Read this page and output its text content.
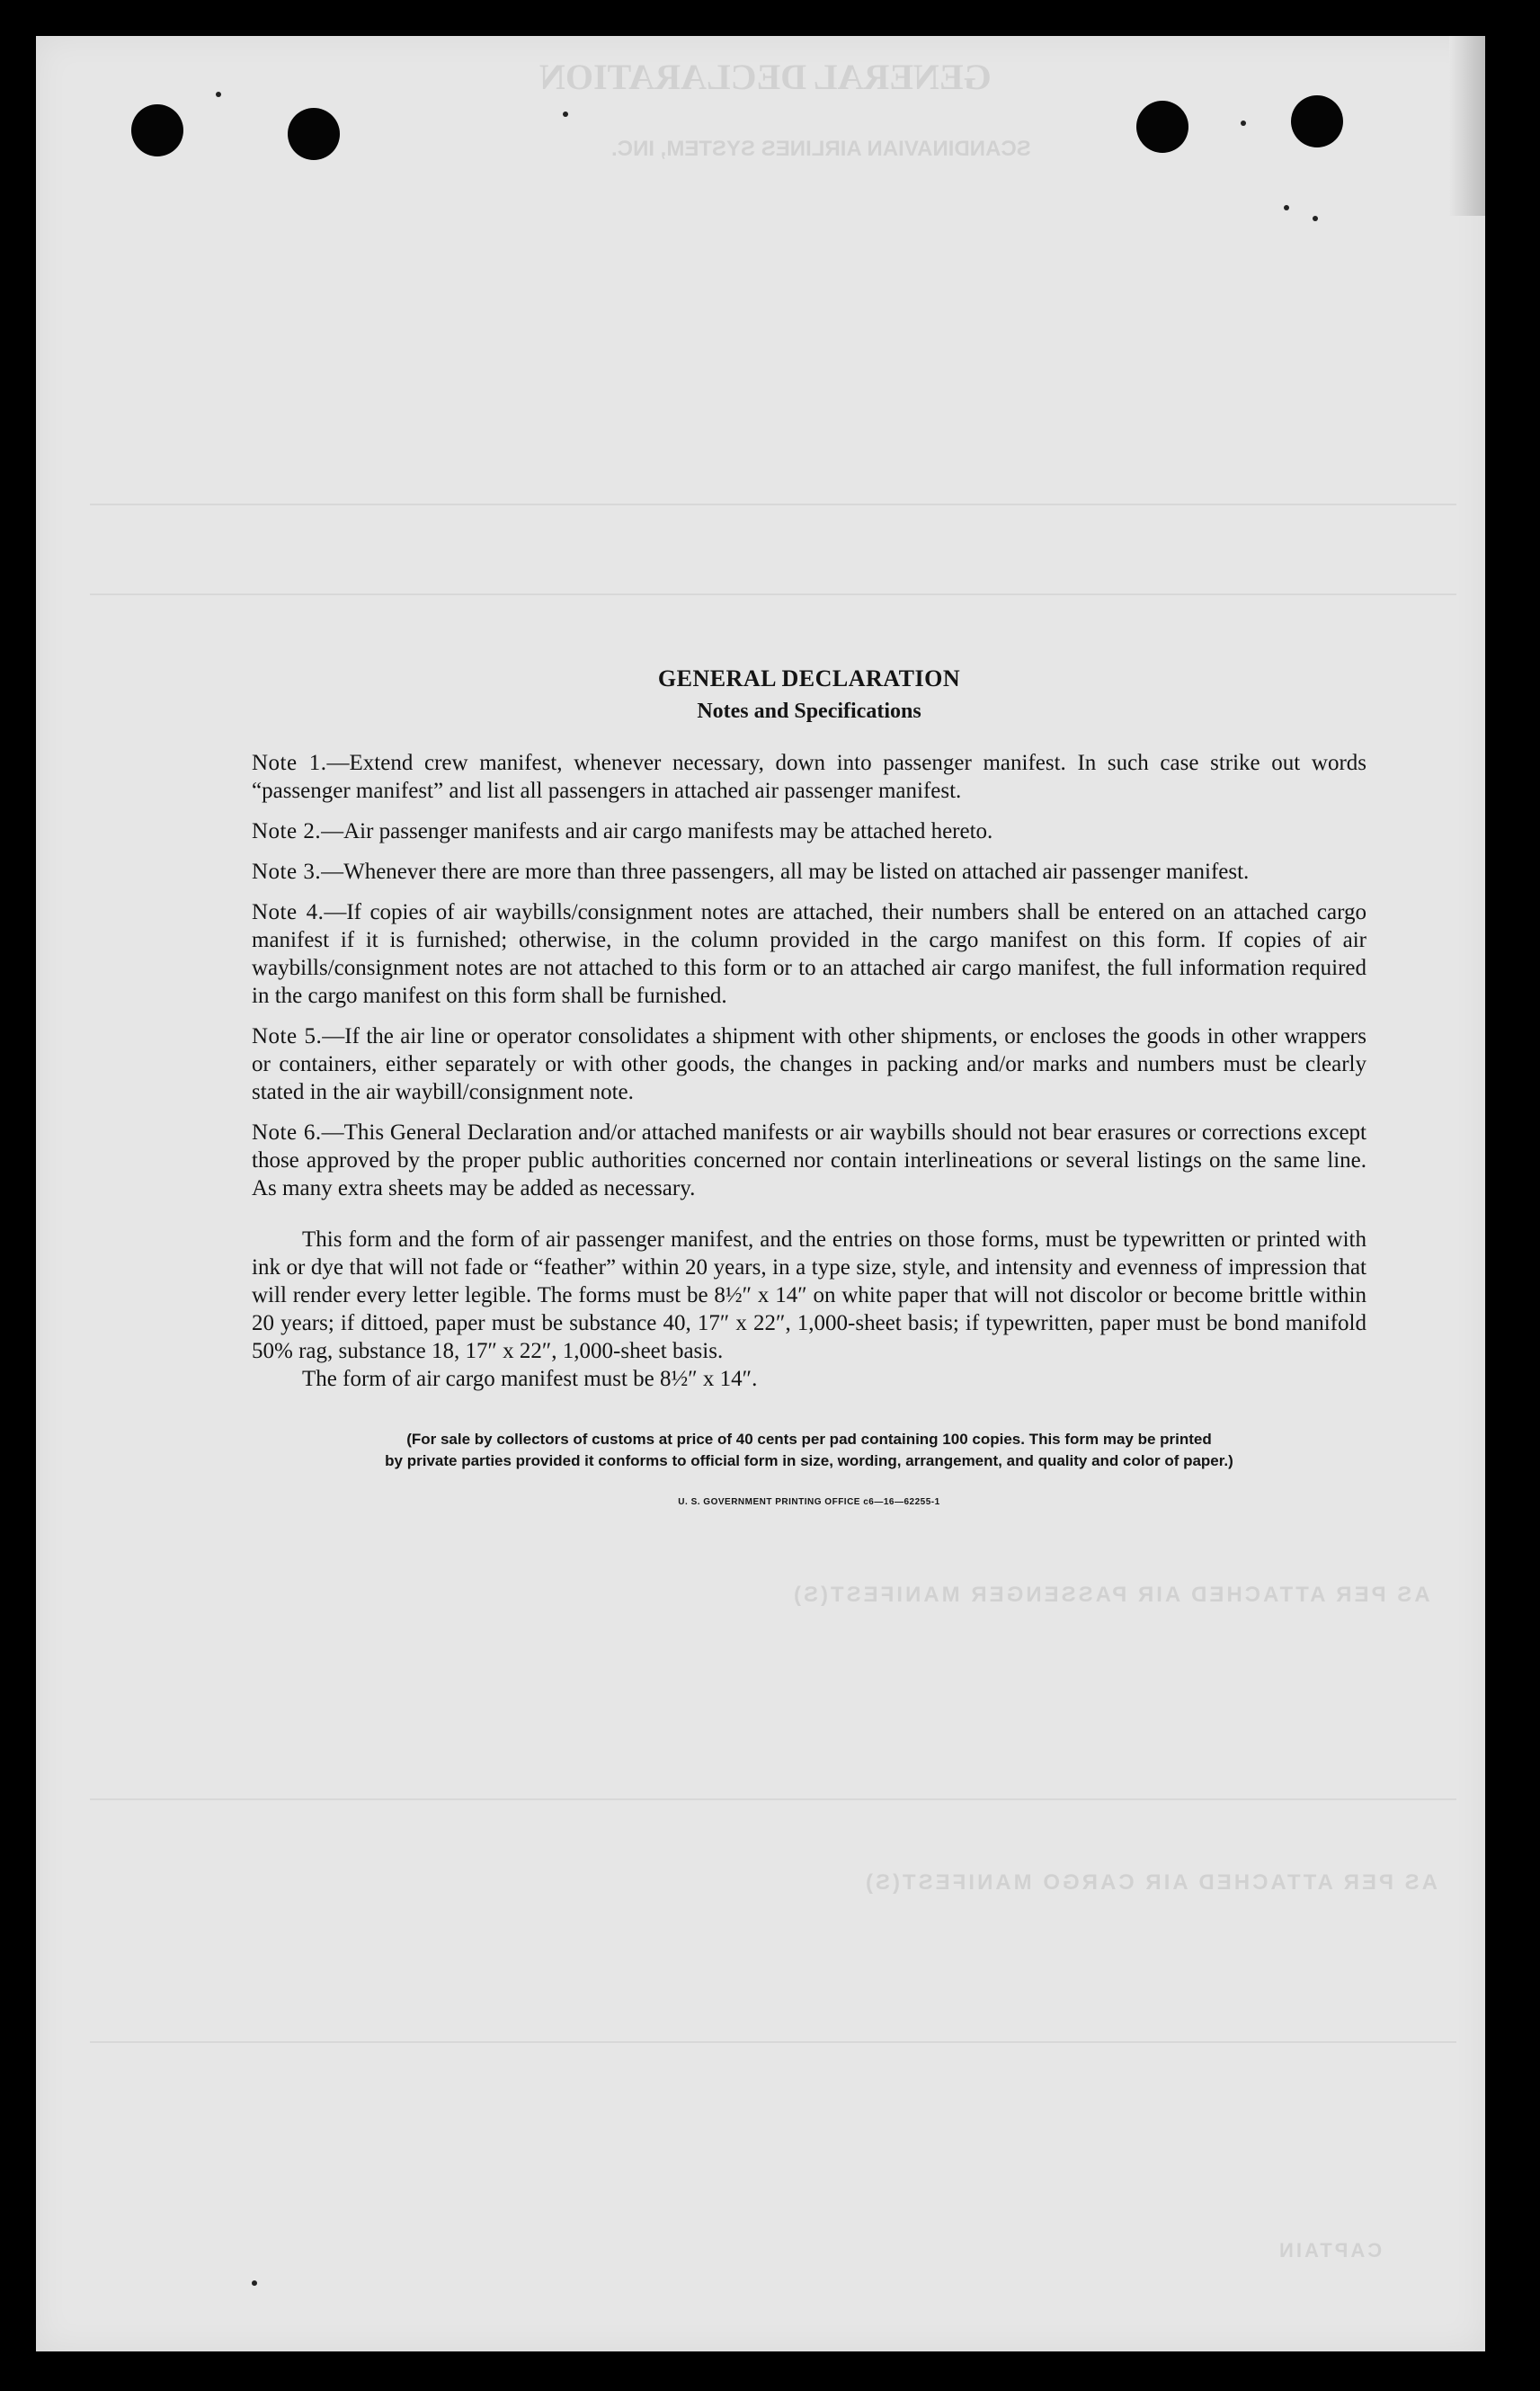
GENERAL DECLARATION
SCANDINAVIAN AIRLINES SYSTEM, INC.
AS PER ATTACHED AIR PASSENGER MANIFEST(S)
AS PER ATTACHED AIR CARGO MANIFEST(S)
CAPTAIN
GENERAL DECLARATION
Notes and Specifications
Note 1.—Extend crew manifest, whenever necessary, down into passenger manifest. In such case strike out words “passenger manifest” and list all passengers in attached air passenger manifest.
Note 2.—Air passenger manifests and air cargo manifests may be attached hereto.
Note 3.—Whenever there are more than three passengers, all may be listed on attached air passenger manifest.
Note 4.—If copies of air waybills/consignment notes are attached, their numbers shall be entered on an attached cargo manifest if it is furnished; otherwise, in the column provided in the cargo manifest on this form. If copies of air waybills/consignment notes are not attached to this form or to an attached air cargo manifest, the full information required in the cargo manifest on this form shall be furnished.
Note 5.—If the air line or operator consolidates a shipment with other shipments, or encloses the goods in other wrappers or containers, either separately or with other goods, the changes in packing and/or marks and numbers must be clearly stated in the air waybill/consignment note.
Note 6.—This General Declaration and/or attached manifests or air waybills should not bear erasures or corrections except those approved by the proper public authorities concerned nor contain interlineations or several listings on the same line. As many extra sheets may be added as necessary.
This form and the form of air passenger manifest, and the entries on those forms, must be typewritten or printed with ink or dye that will not fade or “feather” within 20 years, in a type size, style, and intensity and evenness of impression that will render every letter legible. The forms must be 8½″ x 14″ on white paper that will not discolor or become brittle within 20 years; if dittoed, paper must be substance 40, 17″ x 22″, 1,000-sheet basis; if typewritten, paper must be bond manifold 50% rag, substance 18, 17″ x 22″, 1,000-sheet basis.
The form of air cargo manifest must be 8½″ x 14″.
(For sale by collectors of customs at price of 40 cents per pad containing 100 copies. This form may be printed
by private parties provided it conforms to official form in size, wording, arrangement, and quality and color of paper.)
U. S. GOVERNMENT PRINTING OFFICE c6—16—62255-1
